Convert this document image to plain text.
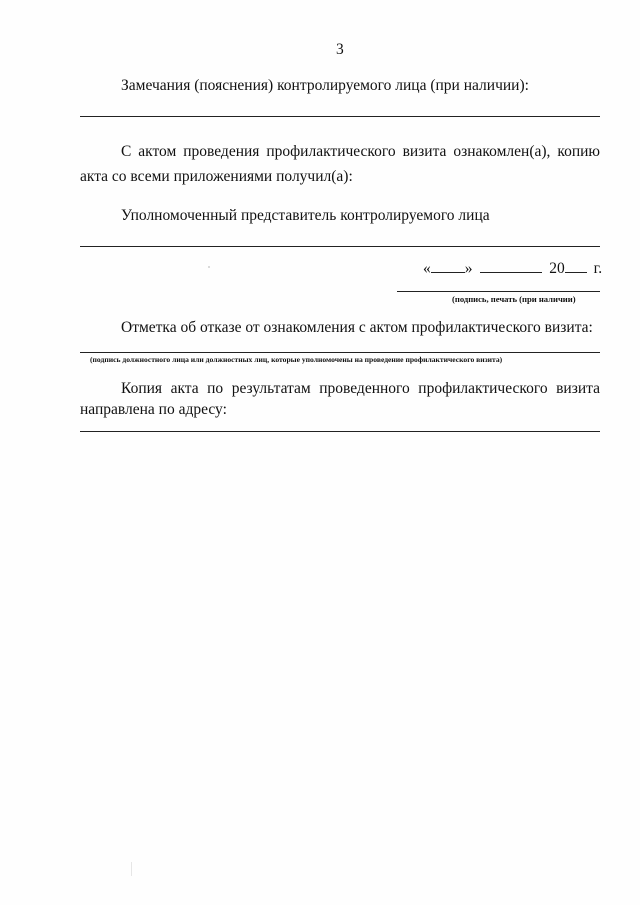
3
Замечания (пояснения) контролируемого лица (при наличии):
С актом проведения профилактического визита ознакомлен(а), копию
акта со всеми приложениями получил(а):
Уполномоченный представитель контролируемого лица
« »	20 г.
(подпись, печать (при наличии)
Отметка об отказе от ознакомления с актом профилактического визита:
(подпись должностного лица или должностных лиц, которые уполномочены на проведение профилактического визита)
Копия акта по результатам проведенного профилактического визита
направлена по адресу:
